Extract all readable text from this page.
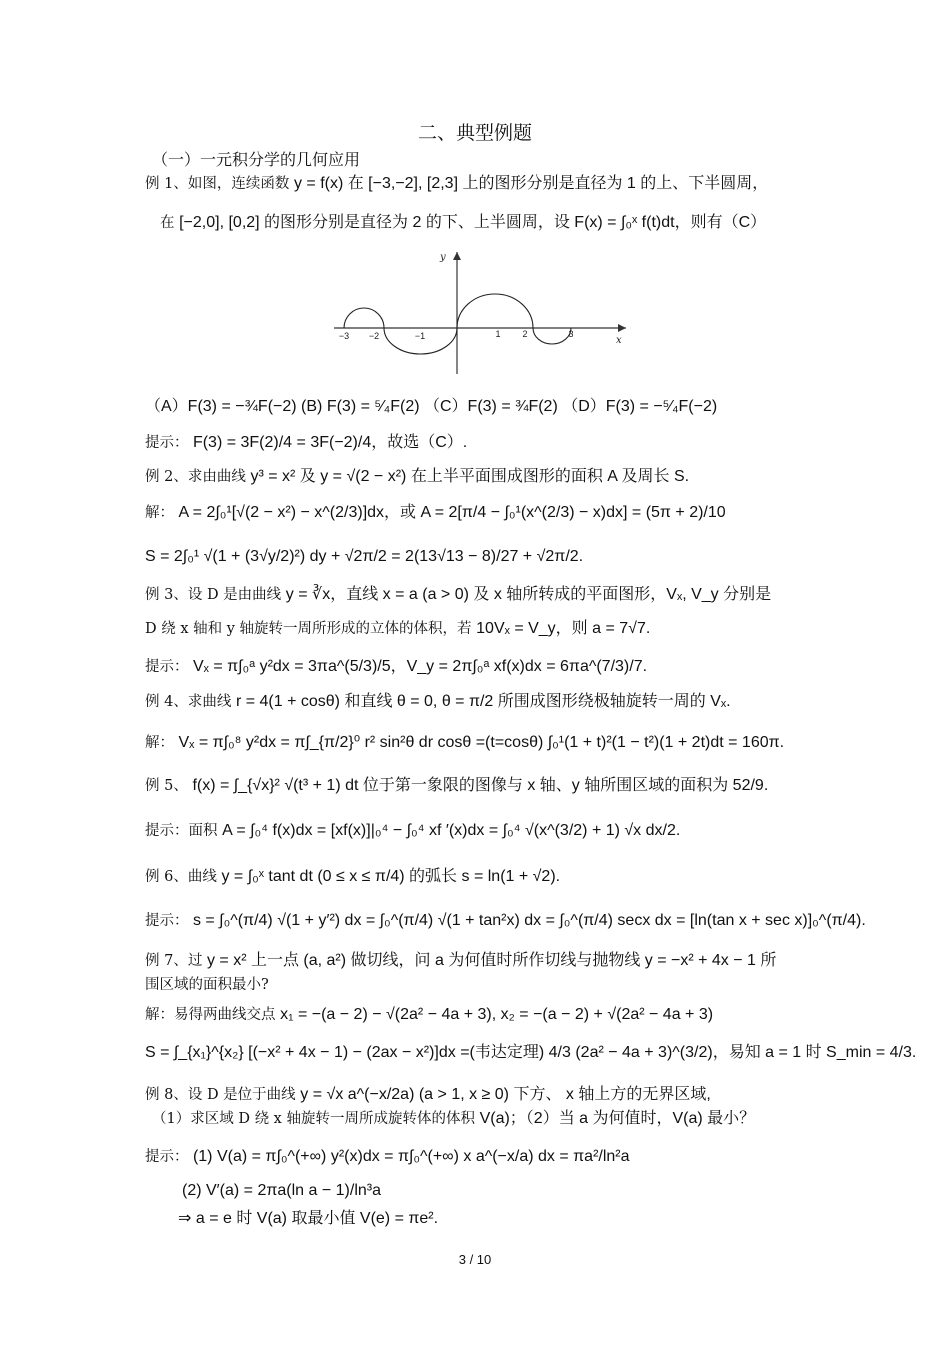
二、典型例题
（一）一元积分学的几何应用
例 1、如图，连续函数 y = f(x) 在 [−3,−2], [2,3] 上的图形分别是直径为 1 的上、下半圆周，
在 [−2,0], [0,2] 的图形分别是直径为 2 的下、上半圆周，设 F(x) = ∫₀ˣ f(t)dt，则有（C）
（A）F(3) = −¾F(−2) (B) F(3) = ⁵⁄₄F(2) （C）F(3) = ¾F(2) （D）F(3) = −⁵⁄₄F(−2)
提示： F(3) = 3F(2)/4 = 3F(−2)/4，故选（C）.
例 2、求由曲线 y³ = x² 及 y = √(2 − x²) 在上半平面围成图形的面积 A 及周长 S.
解： A = 2∫₀¹[√(2 − x²) − x^(2/3)]dx，或 A = 2[π/4 − ∫₀¹(x^(2/3) − x)dx] = (5π + 2)/10
S = 2∫₀¹ √(1 + (3√y/2)²) dy + √2π/2 = 2(13√13 − 8)/27 + √2π/2.
例 3、设 D 是由曲线 y = ∛x，直线 x = a (a > 0) 及 x 轴所转成的平面图形，Vₓ, V_y 分别是
D 绕 x 轴和 y 轴旋转一周所形成的立体的体积，若 10Vₓ = V_y，则 a = 7√7.
提示： Vₓ = π∫₀ᵃ y²dx = 3πa^(5/3)/5，V_y = 2π∫₀ᵃ xf(x)dx = 6πa^(7/3)/7.
例 4、求曲线 r = 4(1 + cosθ) 和直线 θ = 0, θ = π/2 所围成图形绕极轴旋转一周的 Vₓ.
解： Vₓ = π∫₀⁸ y²dx = π∫_{π/2}⁰ r² sin²θ dr cosθ =(t=cosθ) ∫₀¹(1 + t)²(1 − t²)(1 + 2t)dt = 160π.
例 5、 f(x) = ∫_{√x}² √(t³ + 1) dt 位于第一象限的图像与 x 轴、y 轴所围区域的面积为 52/9.
提示：面积 A = ∫₀⁴ f(x)dx = [xf(x)]|₀⁴ − ∫₀⁴ xf ′(x)dx = ∫₀⁴ √(x^(3/2) + 1) √x dx/2.
例 6、曲线 y = ∫₀ˣ tant dt (0 ≤ x ≤ π/4) 的弧长 s = ln(1 + √2).
提示： s = ∫₀^(π/4) √(1 + y′²) dx = ∫₀^(π/4) √(1 + tan²x) dx = ∫₀^(π/4) secx dx = [ln(tan x + sec x)]₀^(π/4).
例 7、过 y = x² 上一点 (a, a²) 做切线，问 a 为何值时所作切线与抛物线 y = −x² + 4x − 1 所
围区域的面积最小?
解：易得两曲线交点 x₁ = −(a − 2) − √(2a² − 4a + 3), x₂ = −(a − 2) + √(2a² − 4a + 3)
S = ∫_{x₁}^{x₂} [(−x² + 4x − 1) − (2ax − x²)]dx =(韦达定理) 4/3 (2a² − 4a + 3)^(3/2)，易知 a = 1 时 S_min = 4/3.
例 8、设 D 是位于曲线 y = √x a^(−x/2a) (a > 1, x ≥ 0) 下方、 x 轴上方的无界区域,
（1）求区域 D 绕 x 轴旋转一周所成旋转体的体积 V(a)；（2）当 a 为何值时，V(a) 最小？
提示： (1) V(a) = π∫₀^(+∞) y²(x)dx = π∫₀^(+∞) x a^(−x/a) dx = πa²/ln²a
(2) V′(a) = 2πa(ln a − 1)/ln³a
⇒ a = e 时 V(a) 取最小值 V(e) = πe².
−3 −2	−1	1 2	3
x
y
3 / 10
